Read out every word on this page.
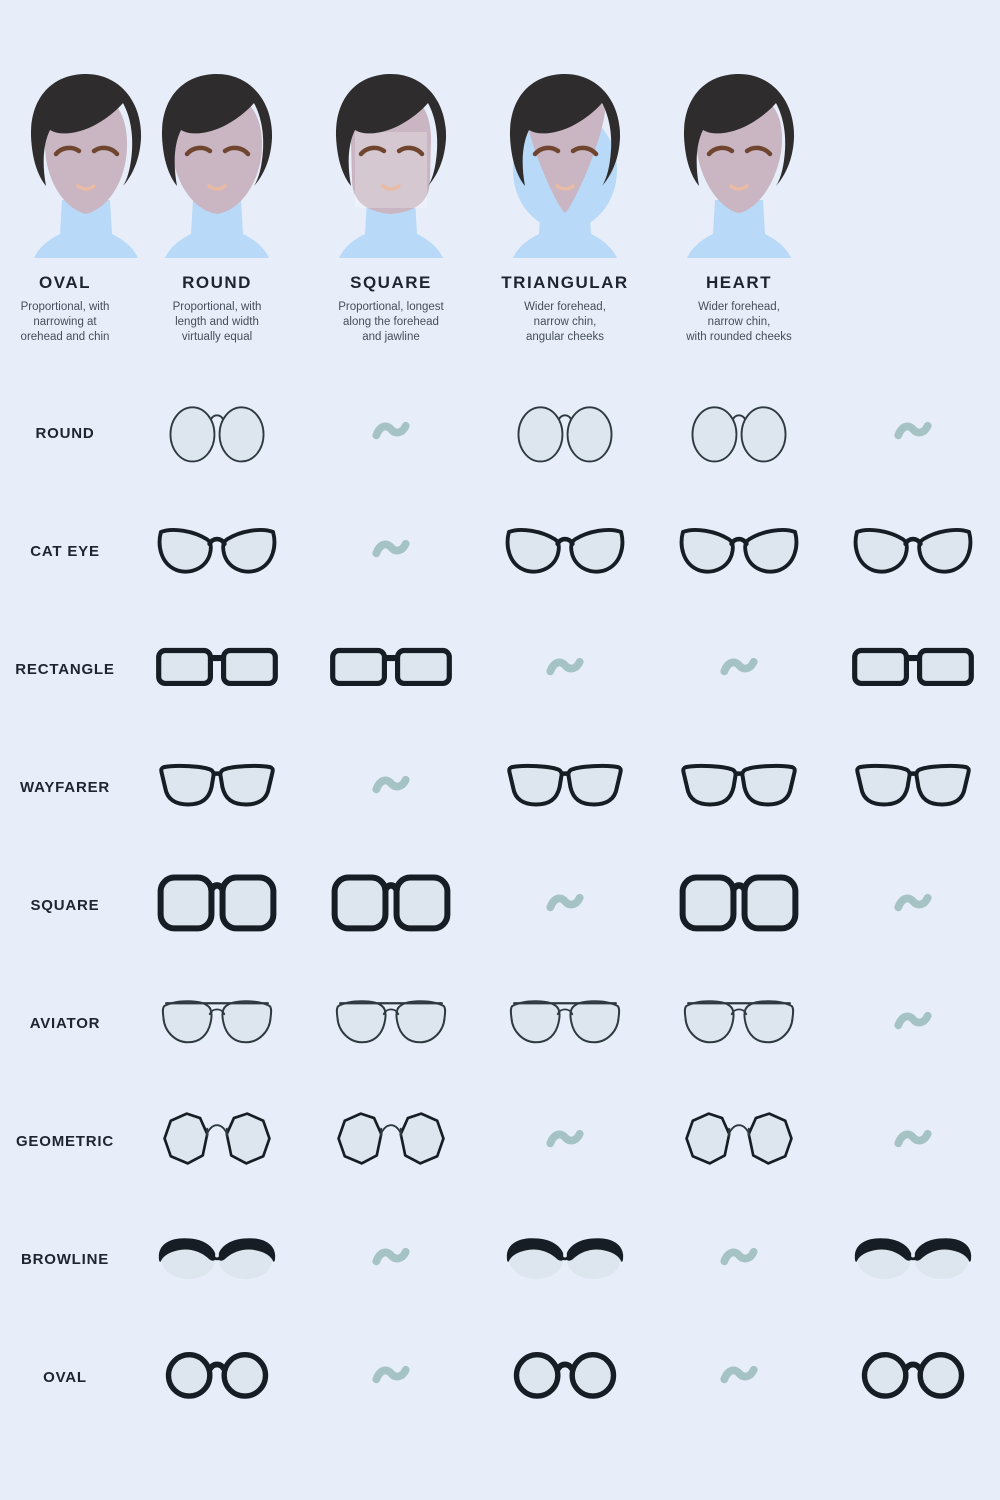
OVAL
Proportional, with
narrowing at
orehead and chin
ROUND
Proportional, with
length and width
virtually equal
SQUARE
Proportional, longest
along the forehead
and jawline
TRIANGULAR
Wider forehead,
narrow chin,
angular cheeks
HEART
Wider forehead,
narrow chin,
with rounded cheeks
ROUND
CAT EYE
RECTANGLE
WAYFARER
SQUARE
AVIATOR
GEOMETRIC
BROWLINE
OVAL
